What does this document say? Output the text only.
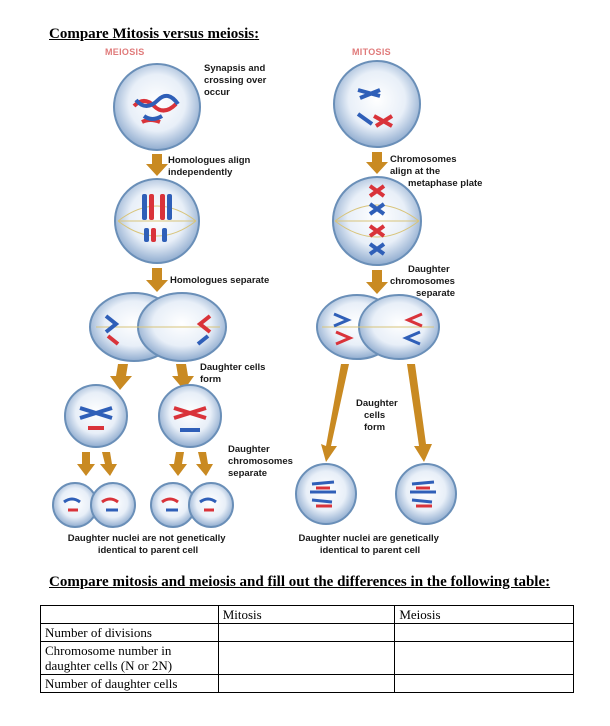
Compare Mitosis versus meiosis:
MEIOSIS	MITOSIS
Synapsis and crossing over occur
Homologues align independently
Homologues separate
Daughter cells form
Daughter chromosomes separate
Daughter nuclei are not genetically identical to parent cell
Chromosomes align at the metaphase plate
Daughter chromosomes separate
Daughter cells form
Daughter nuclei are genetically identical to parent cell
Compare mitosis and meiosis and fill out the differences in the following table:
	Mitosis	Meiosis
Number of divisions		
Chromosome number in daughter cells (N or 2N)		
Number of daughter cells		
